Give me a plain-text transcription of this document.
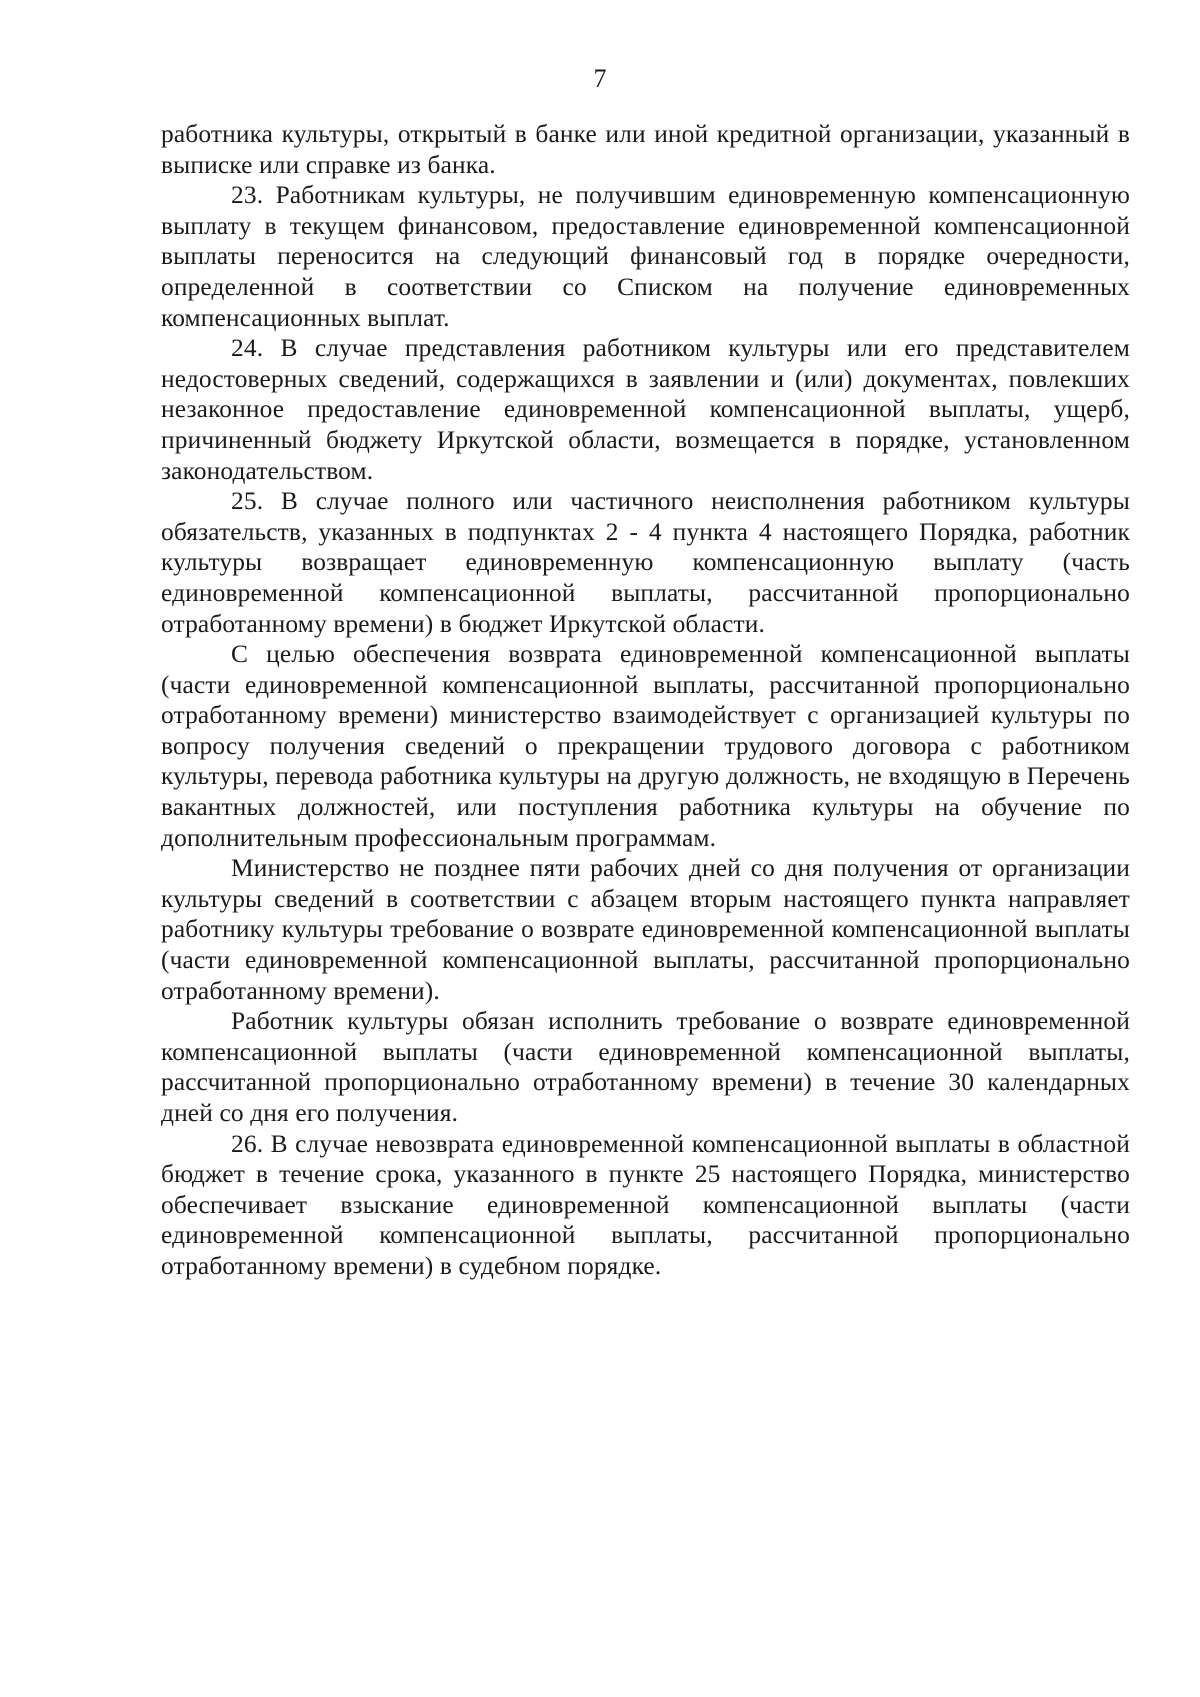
7

работника культуры, открытый в банке или иной кредитной организации, указанный в выписке или справке из банка.

23. Работникам культуры, не получившим единовременную компенсационную выплату в текущем финансовом, предоставление единовременной компенсационной выплаты переносится на следующий финансовый год в порядке очередности, определенной в соответствии со Списком на получение единовременных компенсационных выплат.

24. В случае представления работником культуры или его представителем недостоверных сведений, содержащихся в заявлении и (или) документах, повлекших незаконное предоставление единовременной компенсационной выплаты, ущерб, причиненный бюджету Иркутской области, возмещается в порядке, установленном законодательством.

25. В случае полного или частичного неисполнения работником культуры обязательств, указанных в подпунктах 2 - 4 пункта 4 настоящего Порядка, работник культуры возвращает единовременную компенсационную выплату (часть единовременной компенсационной выплаты, рассчитанной пропорционально отработанному времени) в бюджет Иркутской области.

С целью обеспечения возврата единовременной компенсационной выплаты (части единовременной компенсационной выплаты, рассчитанной пропорционально отработанному времени) министерство взаимодействует с организацией культуры по вопросу получения сведений о прекращении трудового договора с работником культуры, перевода работника культуры на другую должность, не входящую в Перечень вакантных должностей, или поступления работника культуры на обучение по дополнительным профессиональным программам.

Министерство не позднее пяти рабочих дней со дня получения от организации культуры сведений в соответствии с абзацем вторым настоящего пункта направляет работнику культуры требование о возврате единовременной компенсационной выплаты (части единовременной компенсационной выплаты, рассчитанной пропорционально отработанному времени).

Работник культуры обязан исполнить требование о возврате единовременной компенсационной выплаты (части единовременной компенсационной выплаты, рассчитанной пропорционально отработанному времени) в течение 30 календарных дней со дня его получения.

26. В случае невозврата единовременной компенсационной выплаты в областной бюджет в течение срока, указанного в пункте 25 настоящего Порядка, министерство обеспечивает взыскание единовременной компенсационной выплаты (части единовременной компенсационной выплаты, рассчитанной пропорционально отработанному времени) в судебном порядке.
